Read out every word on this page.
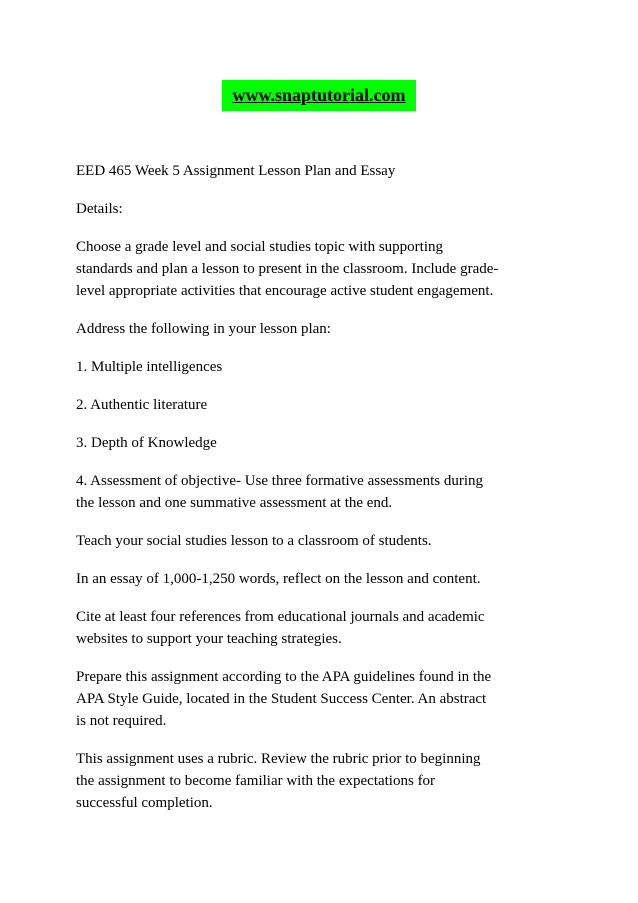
www.snaptutorial.com

EED 465 Week 5 Assignment Lesson Plan and Essay

Details:

Choose a grade level and social studies topic with supporting
standards and plan a lesson to present in the classroom. Include grade-
level appropriate activities that encourage active student engagement.

Address the following in your lesson plan:

1. Multiple intelligences

2. Authentic literature

3. Depth of Knowledge

4. Assessment of objective- Use three formative assessments during
the lesson and one summative assessment at the end.

Teach your social studies lesson to a classroom of students.

In an essay of 1,000-1,250 words, reflect on the lesson and content.

Cite at least four references from educational journals and academic
websites to support your teaching strategies.

Prepare this assignment according to the APA guidelines found in the
APA Style Guide, located in the Student Success Center. An abstract
is not required.

This assignment uses a rubric. Review the rubric prior to beginning
the assignment to become familiar with the expectations for
successful completion.
